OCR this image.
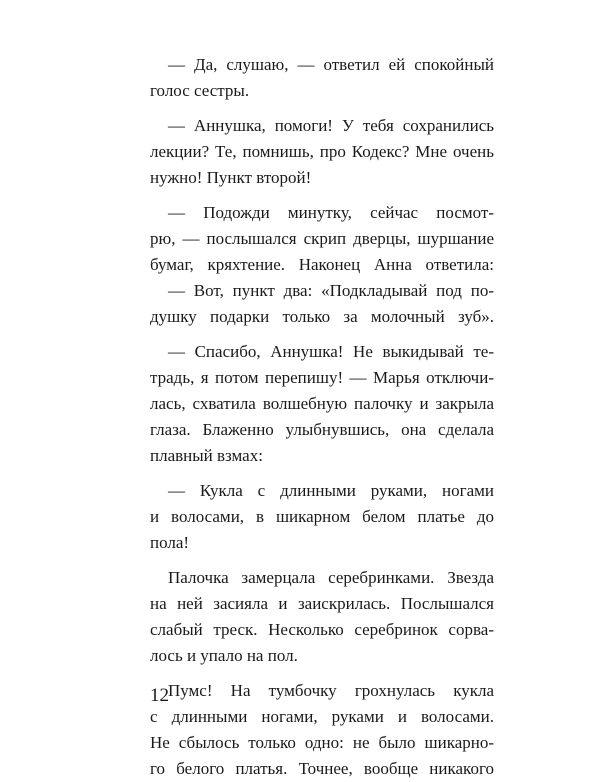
— Да, слушаю, — ответил ей спокойный
голос сестры.
— Аннушка, помоги! У тебя сохранились
лекции? Те, помнишь, про Кодекс? Мне очень
нужно! Пункт второй!
— Подожди минутку, сейчас посмот-
рю, — послышался скрип дверцы, шуршание
бумаг, кряхтение. Наконец Анна ответила:
— Вот, пункт два: «Подкладывай под по-
душку подарки только за молочный зуб».
— Спасибо, Аннушка! Не выкидывай те-
традь, я потом перепишу! — Марья отключи-
лась, схватила волшебную палочку и закрыла
глаза. Блаженно улыбнувшись, она сделала
плавный взмах:
— Кукла с длинными руками, ногами
и волосами, в шикарном белом платье до
пола!
Палочка замерцала серебринками. Звезда
на ней засияла и заискрилась. Послышался
слабый треск. Несколько серебринок сорва-
лось и упало на пол.
Пумс! На тумбочку грохнулась кукла
с длинными ногами, руками и волосами.
Не сбылось только одно: не было шикарно-
го белого платья. Точнее, вообще никакого
12
